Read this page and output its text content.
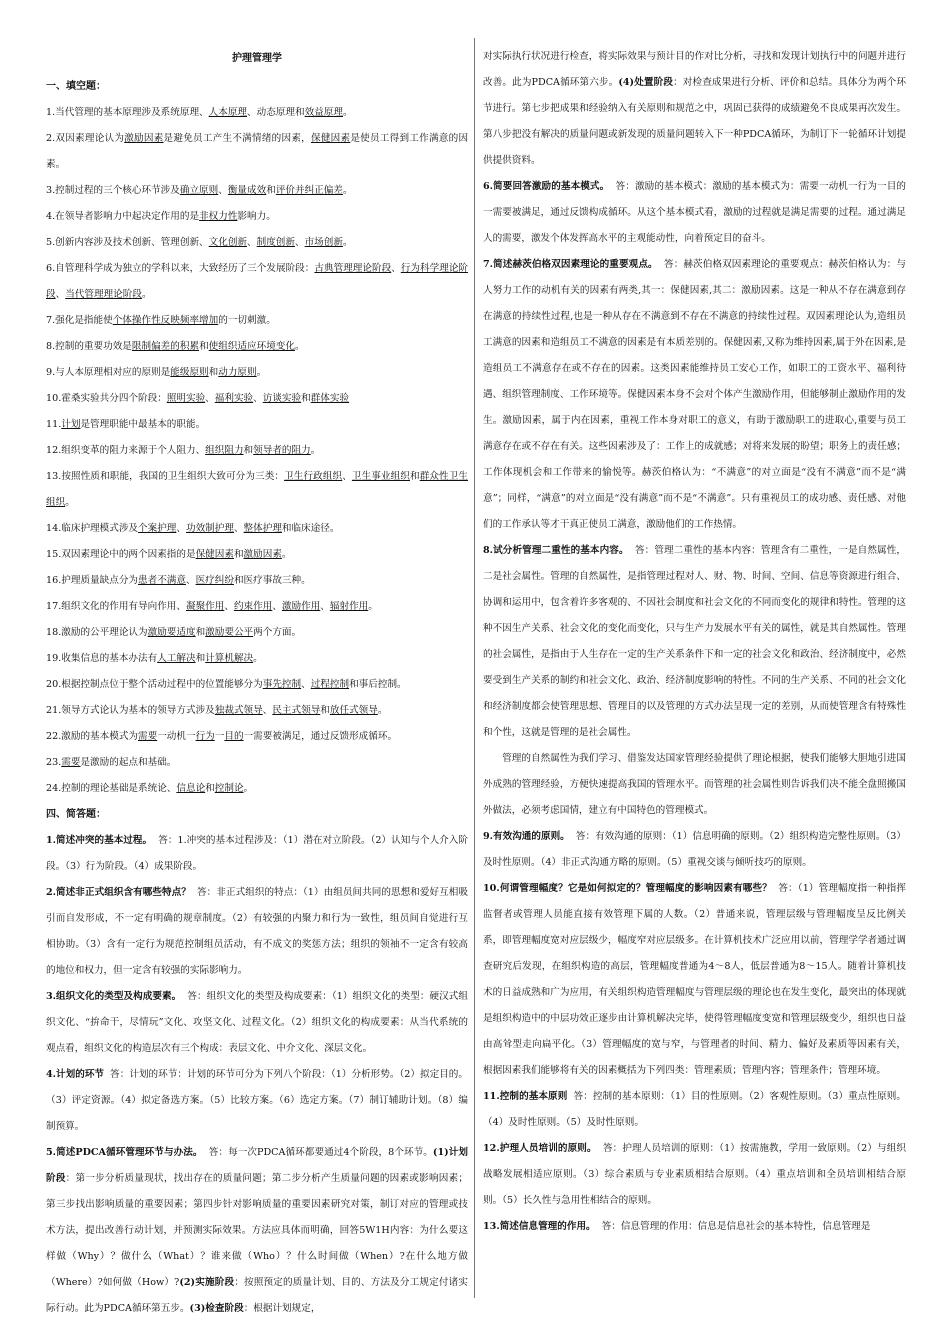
护理管理学

一、填空题：

1.当代管理的基本原理涉及系统原理、人本原理、动态原理和效益原理。

2.双因素理论认为激励因素是避免员工产生不满情绪的因素，保健因素是使员工得到工作满意的因素。

3.控制过程的三个核心环节涉及确立原则、衡量成效和评价并纠正偏差。

4.在领导者影响力中起决定作用的是非权力性影响力。

5.创新内容涉及技术创新、管理创新、文化创新、制度创新、市场创新。

6.自管理科学成为独立的学科以来，大致经历了三个发展阶段：古典管理理论阶段、行为科学理论阶段、当代管理理论阶段。

7.强化是指能使个体操作性反映频率增加的一切刺激。

8.控制的重要功效是限制偏差的积累和使组织适应环境变化。

9.与人本原理相对应的原则是能级原则和动力原则。

10.霍桑实验共分四个阶段：照明实验、福利实验、访谈实验和群体实验

11.计划是管理职能中最基本的职能。

12.组织变革的阻力来源于个人阻力、组织阻力和领导者的阻力。

13.按照性质和职能，我国的卫生组织大致可分为三类：卫生行政组织、卫生事业组织和群众性卫生组织。

14.临床护理模式涉及个案护理、功效制护理、整体护理和临床途径。

15.双因素理论中的两个因素指的是保健因素和激励因素。

16.护理质量缺点分为患者不满意、医疗纠纷和医疗事故三种。

17.组织文化的作用有导向作用、凝聚作用、约束作用、激励作用、辐射作用。

18.激励的公平理论认为激励要适度和激励要公平两个方面。

19.收集信息的基本办法有人工解决和计算机解决。

20.根据控制点位于整个活动过程中的位置能够分为事先控制、过程控制和事后控制。

21.领导方式论认为基本的领导方式涉及独裁式领导、民主式领导和放任式领导。

22.激励的基本模式为需要一动机一行为一目的一需要被满足，通过反馈形成循环。

23.需要是激励的起点和基础。

24.控制的理论基础是系统论、信息论和控制论。

四、简答题：

1.简述冲突的基本过程。  答：1.冲突的基本过程涉及：（1）潜在对立阶段。（2）认知与个人介入阶段。（3）行为阶段。（4）成果阶段。

2.简述非正式组织含有哪些特点？  答：非正式组织的特点：（1）由组员间共同的思想和爱好互相吸引而自发形成，不一定有明确的规章制度。（2）有较强的内聚力和行为一致性，组员间自觉进行互相协助。（3）含有一定行为规范控制组员活动，有不成文的奖惩方法；组织的领袖不一定含有较高的地位和权力，但一定含有较强的实际影响力。

3.组织文化的类型及构成要素。  答：组织文化的类型及构成要素：（1）组织文化的类型：硬汉式组织文化、“拚命干，尽情玩”文化、攻坚文化、过程文化。（2）组织文化的构成要素：从当代系统的观点看，组织文化的构造层次有三个构成：表层文化、中介文化、深层文化。

4.计划的环节  答：计划的环节：计划的环节可分为下列八个阶段：（1）分析形势。（2）拟定目的。（3）评定资源。（4）拟定备选方案。（5）比较方案。（6）选定方案。（7）制订辅助计划。（8）编制预算。

5.简述PDCA循环管理环节与办法。 答：每一次PDCA循环都要通过4个阶段，8个环节。(1)计划阶段：第一步分析质量现状，找出存在的质量问题；第二步分析产生质量问题的因素或影响因素；第三步找出影响质量的重要因素；第四步针对影响质量的重要因素研究对策，制订对应的管理或技术方法，提出改善行动计划，并预测实际效果。方法应具体而明确，回答5W1H内容：为什么要这样做（Why）？做什么（What）？谁来做（Who）？什么时间做（When）?在什么地方做（Where）?如何做（How）?(2)实施阶段：按照预定的质量计划、目的、方法及分工规定付诸实际行动。此为PDCA循环第五步。(3)检查阶段：根据计划规定，

对实际执行状况进行检查，将实际效果与预计目的作对比分析，寻找和发现计划执行中的问题并进行改善。此为PDCA循环第六步。(4)处置阶段：对检查成果进行分析、评价和总结。具体分为两个环节进行。第七步把成果和经验纳入有关原则和规范之中，巩固已获得的成绩避免不良成果再次发生。第八步把没有解决的质量问题或新发现的质量问题转入下一种PDCA循环，为制订下一轮循环计划提供提供资料。

6.简要回答激励的基本模式。  答：激励的基本模式：激励的基本模式为：需要一动机一行为一目的一需要被满足，通过反馈构成循环。从这个基本模式看，激励的过程就是满足需要的过程。通过满足人的需要，激发个体发挥高水平的主观能动性，向着预定目的奋斗。

7.简述赫茨伯格双因素理论的重要观点。  答：赫茨伯格双因素理论的重要观点：赫茨伯格认为：与人努力工作的动机有关的因素有两类,其一：保健因素,其二：激励因素。这是一种从不存在满意到存在满意的持续性过程,也是一种从存在不满意到不存在不满意的持续性过程。双因素理论认为,造组员工满意的因素和造组员工不满意的因素是有本质差别的。保健因素,又称为维持因素,属于外在因素,是造组员工不满意存在或不存在的因素。这类因素能维持员工安心工作，如职工的工资水平、福利待遇、组织管理制度、工作环境等。保健因素本身不会对个体产生激励作用，但能够制止激励作用的发生。激励因素，属于内在因素，重视工作本身对职工的意义，有助于激励职工的进取心,重要与员工满意存在或不存在有关。这些因素涉及了：工作上的成就感；对将来发展的盼望；职务上的责任感；工作体现机会和工作带来的愉悦等。赫茨伯格认为：“不满意”的对立面是“没有不满意”而不是“满意”；同样，“满意”的对立面是“没有满意”而不是“不满意”。只有重视员工的成功感、责任感、对他们的工作承认等才干真正使员工满意，激励他们的工作热情。

8.试分析管理二重性的基本内容。  答：管理二重性的基本内容：管理含有二重性，一是自然属性，二是社会属性。管理的自然属性，是指管理过程对人、财、物、时间、空间、信息等资源进行组合、协调和运用中，包含着许多客观的、不因社会制度和社会文化的不同而变化的规律和特性。管理的这种不因生产关系、社会文化的变化而变化，只与生产力发展水平有关的属性，就是其自然属性。管理的社会属性，是指由于人生存在一定的生产关系条件下和一定的社会文化和政治、经济制度中，必然要受到生产关系的制约和社会文化、政治、经济制度影响的特性。不同的生产关系、不同的社会文化和经济制度都会使管理思想、管理目的以及管理的方式办法呈现一定的差别，从而使管理含有特殊性和个性，这就是管理的是社会属性。

管理的自然属性为我们学习、借鉴发达国家管理经验提供了理论根据，使我们能够大胆地引进国外成熟的管理经验，方便快速提高我国的管理水平。而管理的社会属性则告诉我们决不能全盘照搬国外做法，必须考虑国情，建立有中国特色的管理模式。

9.有效沟通的原则。  答：有效沟通的原则：（1）信息明确的原则。（2）组织构造完整性原则。（3）及时性原则。（4）非正式沟通方略的原则。（5）重视交谈与倾听技巧的原则。

10.何谓管理幅度？它是如何拟定的？管理幅度的影响因素有哪些？  答：（1）管理幅度指一种指挥监督者或管理人员能直接有效管理下属的人数。（2）普通来说，管理层级与管理幅度呈反比例关系，即管理幅度宽对应层级少，幅度窄对应层级多。在计算机技术广泛应用以前，管理学学者通过调查研究后发现，在组织构造的高层，管理幅度普通为4～8人，低层普通为8～15人。随着计算机技术的日益成熟和广为应用，有关组织构造管理幅度与管理层级的理论也在发生变化，最突出的体现就是组织构造中的中层功效正逐步由计算机解决完毕，使得管理幅度变宽和管理层级变少，组织也日益由高耸型走向扁平化。（3）管理幅度的宽与窄，与管理者的时间、精力、偏好及素质等因素有关，根据因素我们能够将有关的因素概括为下列四类：管理素质；管理内容；管理条件；管理环境。

11.控制的基本原则  答：控制的基本原则：（1）目的性原则。（2）客观性原则。（3）重点性原则。（4）及时性原则。（5）及时性原则。

12.护理人员培训的原则。  答：护理人员培训的原则：（1）按需施教，学用一致原则。（2）与组织战略发展相适应原则。（3）综合素质与专业素质相结合原则。（4）重点培训和全员培训相结合原则。（5）长久性与急用性相结合的原则。

13.简述信息管理的作用。  答：信息管理的作用：信息是信息社会的基本特性，信息管理是
